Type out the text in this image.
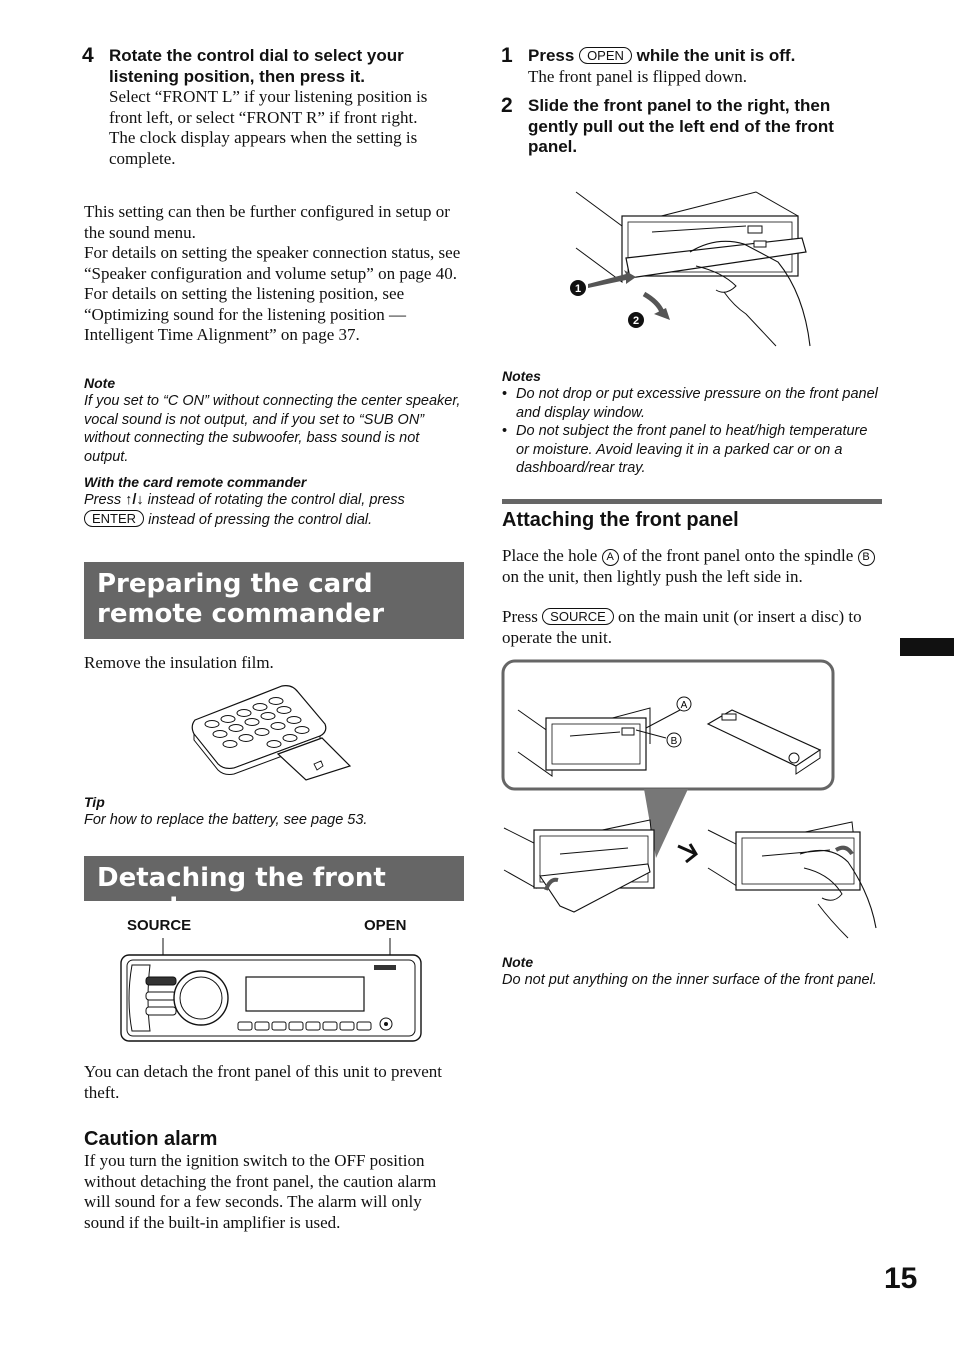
4 Rotate the control dial to select your listening position, then press it.
Select “FRONT L” if your listening position is front left, or select “FRONT R” if front right.
The clock display appears when the setting is complete.
This setting can then be further configured in setup or the sound menu.
For details on setting the speaker connection status, see “Speaker configuration and volume setup” on page 40. For details on setting the listening position, see “Optimizing sound for the listening position — Intelligent Time Alignment” on page 37.
Note
If you set to “C ON” without connecting the center speaker, vocal sound is not output, and if you set to “SUB ON” without connecting the subwoofer, bass sound is not output.
With the card remote commander
Press ↑/↓ instead of rotating the control dial, press
ENTER instead of pressing the control dial.
Preparing the card remote commander
Remove the insulation film.
Tip
For how to replace the battery, see page 53.
Detaching the front panel
SOURCE	OPEN
You can detach the front panel of this unit to prevent theft.
Caution alarm
If you turn the ignition switch to the OFF position without detaching the front panel, the caution alarm will sound for a few seconds. The alarm will only sound if the built-in amplifier is used.
1 Press OPEN while the unit is off.
The front panel is flipped down.
2 Slide the front panel to the right, then gently pull out the left end of the front panel.
1
2
Notes
• Do not drop or put excessive pressure on the front panel and display window.
• Do not subject the front panel to heat/high temperature or moisture. Avoid leaving it in a parked car or on a dashboard/rear tray.
Attaching the front panel
Place the hole A of the front panel onto the spindle B on the unit, then lightly push the left side in.
Press SOURCE on the main unit (or insert a disc) to operate the unit.
A
B
Note
Do not put anything on the inner surface of the front panel.
15
